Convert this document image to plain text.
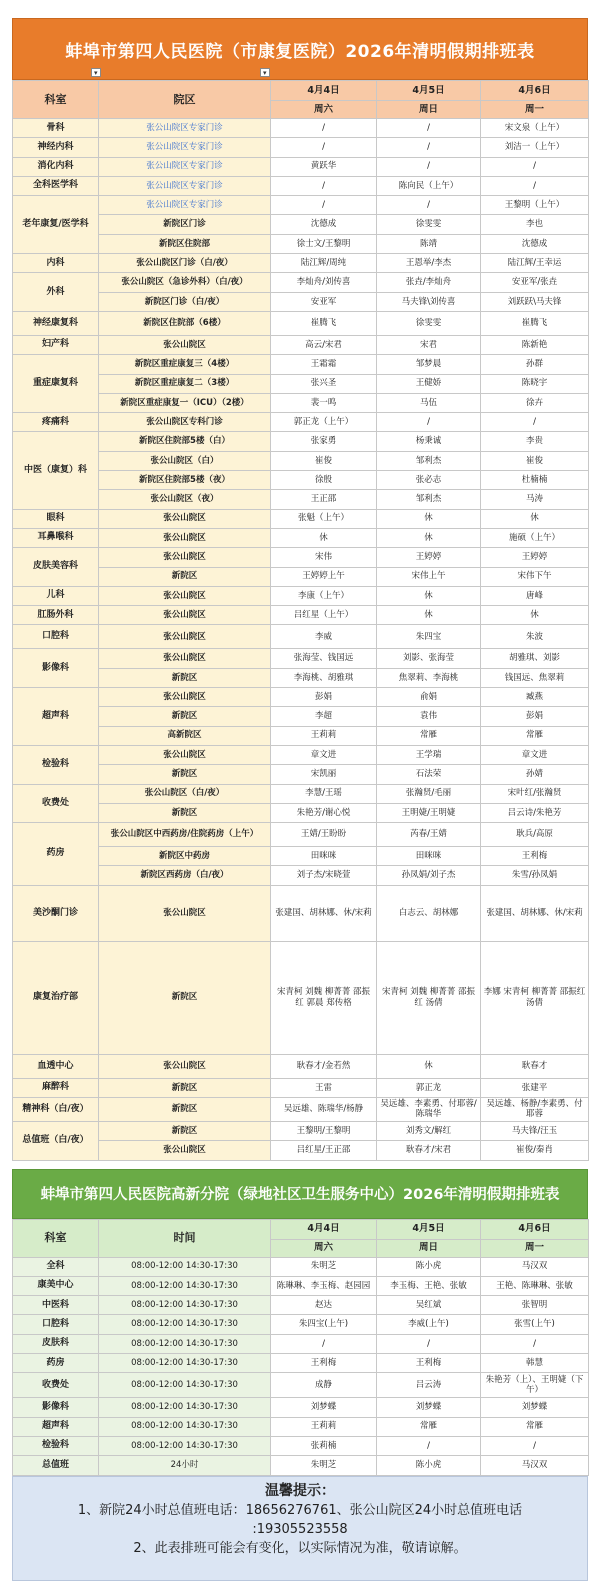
蚌埠市第四人民医院（市康复医院）2026年清明假期排班表
▾	▾
科室	院区	4月4日	4月5日	4月6日
		周六	周日	周一
骨科	张公山院区专家门诊	/	/	宋文泉（上午）
神经内科	张公山院区专家门诊	/	/	刘洁一（上午）
消化内科	张公山院区专家门诊	黄跃华	/	/
全科医学科	张公山院区专家门诊	/	陈向民（上午）	/
老年康复/医学科	张公山院区专家门诊	/	/	王黎明（上午）
	新院区门诊	沈德成	徐雯雯	李也
	新院区住院部	徐士文/王黎明	陈靖	沈德成
内科	张公山院区门诊（白/夜）	陆江辉/周纯	王恩举/李杰	陆江辉/王幸运
外科	张公山院区（急诊外科）（白/夜）	李灿舟/刘传喜	张垚/李灿舟	安亚军/张垚
	新院区门诊（白/夜）	安亚军	马夫锋\刘传喜	刘跃跃\马夫锋
神经康复科	新院区住院部（6楼）	崔腾飞	徐雯雯	崔腾飞
妇产科	张公山院区	高云/宋君	宋君	陈新艳
重症康复科	新院区重症康复三（4楼）	王霜霜	邹梦晨	孙群
	新院区重症康复二（3楼）	张兴圣	王健娇	陈晓宇
	新院区重症康复一（ICU）（2楼）	裴一鸣	马伍	徐卉
疼痛科	张公山院区专科门诊	郭正龙（上午）	/	/
中医（康复）科	新院区住院部5楼（白）	张家勇	杨秉诚	李贵
	张公山院区（白）	崔俊	邹利杰	崔俊
	新院区住院部5楼（夜）	徐殷	张必志	杜楠楠
	张公山院区（夜）	王正邵	邹利杰	马涛
眼科	张公山院区	张魁（上午）	休	休
耳鼻喉科	张公山院区	休	休	施硕（上午）
皮肤美容科	张公山院区	宋伟	王婷婷	王婷婷
	新院区	王婷婷上午	宋伟上午	宋伟下午
儿科	张公山院区	李康（上午）	休	唐峰
肛肠外科	张公山院区	吕红星（上午）	休	休
口腔科	张公山院区	李威	朱四宝	朱波
影像科	张公山院区	张海莹、钱国远	刘影、张海莹	胡雅琪、刘影
	新院区	李海桃、胡雅琪	焦翠莉、李海桃	钱国远、焦翠莉
超声科	张公山院区	彭娟	俞娟	臧燕
	新院区	李超	袁伟	彭娟
	高新院区	王莉莉	常雁	常雁
检验科	张公山院区	章文进	王学瑞	章文进
	新院区	宋凯丽	石法荣	孙婧
收费处	张公山院区（白/夜）	李慧/王瑶	张瀚贤/毛丽	宋叶红/张瀚贤
	新院区	朱艳芳/谢心悦	王明婕/王明婕	吕云诗/朱艳芳
药房	张公山院区中西药房/住院药房（上午）	王婧/王盼盼	芮春/王婧	耿兵/高原
	新院区中药房	田咪咪	田咪咪	王利梅
	新院区西药房（白/夜）	刘子杰/宋晓萱	孙凤娟/刘子杰	朱雪/孙凤娟
美沙酮门诊	张公山院区	张建国、胡林娜、休/宋莉	白志云、胡林娜	张建国、胡林娜、休/宋莉
康复治疗部	新院区	宋青柯 刘魏 柳菁菁 邵振红 郭晨 郑传格	宋青柯 刘魏 柳菁菁 邵振红 汤倩	李娜 宋青柯 柳菁菁 邵振红 汤倩
血透中心	张公山院区	耿春才/金若然	休	耿春才
麻醉科	新院区	王雷	郭正龙	张建平
精神科（白/夜）	新院区	吴远雄、陈瑞华/杨静	吴远雄、李素勇、付耶蓉/陈瑞华	吴远雄、杨静/李素勇、付耶蓉
总值班（白/夜）	新院区	王黎明/王黎明	刘秀文/解红	马夫锋/汪玉
	张公山院区	吕红星/王正邵	耿春才/宋君	崔俊/秦肖
蚌埠市第四人民医院高新分院（绿地社区卫生服务中心）2026年清明假期排班表
科室	时间	4月4日	4月5日	4月6日
		周六	周日	周一
全科	08:00-12:00 14:30-17:30	朱明芝	陈小虎	马汉双
康美中心	08:00-12:00 14:30-17:30	陈琳琳、李玉梅、赵园园	李玉梅、王艳、张敏	王艳、陈琳琳、张敏
中医科	08:00-12:00 14:30-17:30	赵达	吴红斌	张智明
口腔科	08:00-12:00 14:30-17:30	朱四宝(上午)	李威(上午)	张雪(上午)
皮肤科	08:00-12:00 14:30-17:30	/	/	/
药房	08:00-12:00 14:30-17:30	王利梅	王利梅	韩慧
收费处	08:00-12:00 14:30-17:30	成静	吕云涛	朱艳芳（上）、王明婕（下午）
影像科	08:00-12:00 14:30-17:30	刘梦蝶	刘梦蝶	刘梦蝶
超声科	08:00-12:00 14:30-17:30	王莉莉	常雁	常雁
检验科	08:00-12:00 14:30-17:30	张莉楠	/	/
总值班	24小时	朱明芝	陈小虎	马汉双
温馨提示：
1、新院24小时总值班电话：18656276761、张公山院区24小时总值班电话
:19305523558
2、此表排班可能会有变化，以实际情况为准，敬请谅解。
